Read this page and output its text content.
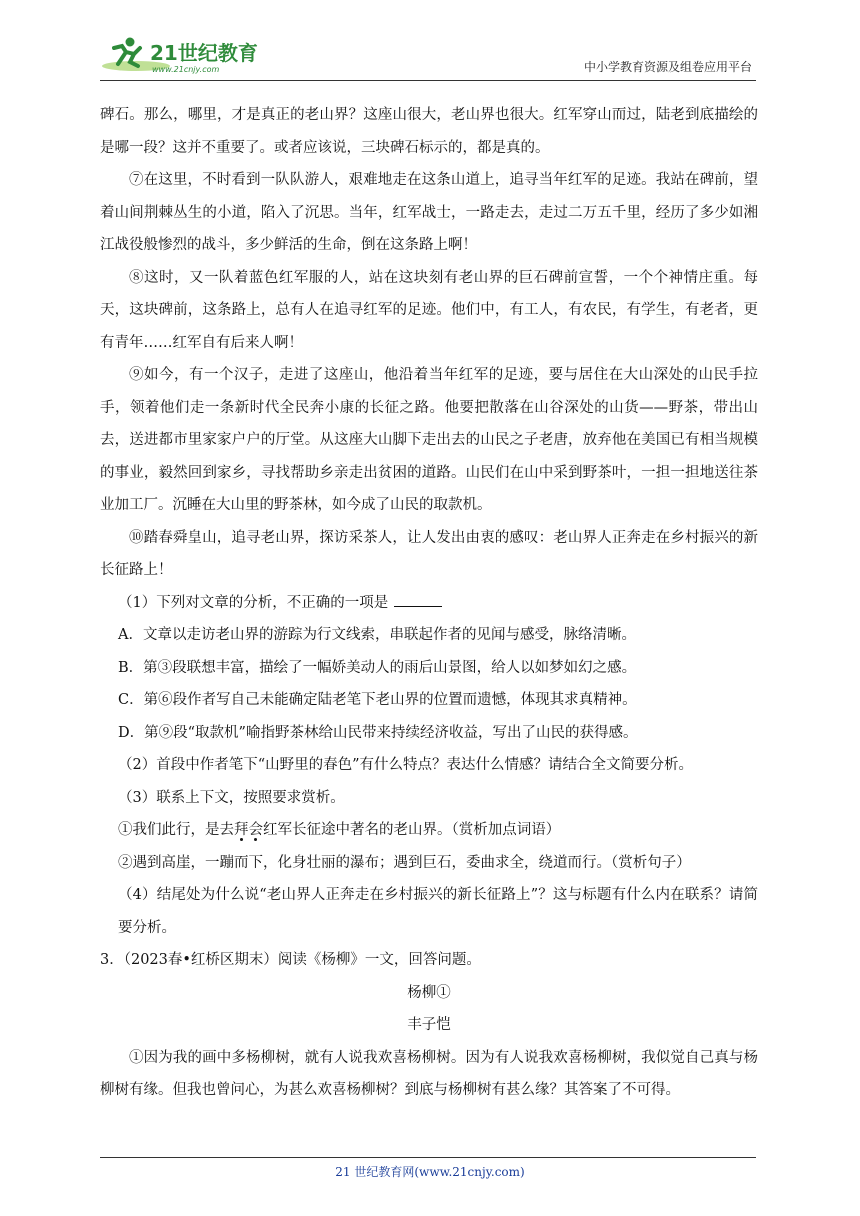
21世纪教育
www.21cnjy.com	中小学教育资源及组卷应用平台

碑石。那么，哪里，才是真正的老山界？这座山很大，老山界也很大。红军穿山而过，陆老到底描绘的是哪一段？这并不重要了。或者应该说，三块碑石标示的，都是真的。

⑦在这里，不时看到一队队游人，艰难地走在这条山道上，追寻当年红军的足迹。我站在碑前，望着山间荆棘丛生的小道，陷入了沉思。当年，红军战士，一路走去，走过二万五千里，经历了多少如湘江战役般惨烈的战斗，多少鲜活的生命，倒在这条路上啊！

⑧这时，又一队着蓝色红军服的人，站在这块刻有老山界的巨石碑前宣誓，一个个神情庄重。每天，这块碑前，这条路上，总有人在追寻红军的足迹。他们中，有工人，有农民，有学生，有老者，更有青年……红军自有后来人啊！

⑨如今，有一个汉子，走进了这座山，他沿着当年红军的足迹，要与居住在大山深处的山民手拉手，领着他们走一条新时代全民奔小康的长征之路。他要把散落在山谷深处的山货——野茶，带出山去，送进都市里家家户户的厅堂。从这座大山脚下走出去的山民之子老唐，放弃他在美国已有相当规模的事业，毅然回到家乡，寻找帮助乡亲走出贫困的道路。山民们在山中采到野茶叶，一担一担地送往茶业加工厂。沉睡在大山里的野茶林，如今成了山民的取款机。

⑩踏春舜皇山，追寻老山界，探访采茶人，让人发出由衷的感叹：老山界人正奔走在乡村振兴的新长征路上！

（1）下列对文章的分析，不正确的一项是

A．文章以走访老山界的游踪为行文线索，串联起作者的见闻与感受，脉络清晰。

B．第③段联想丰富，描绘了一幅娇美动人的雨后山景图，给人以如梦如幻之感。

C．第⑥段作者写自己未能确定陆老笔下老山界的位置而遗憾，体现其求真精神。

D．第⑨段“取款机”喻指野茶林给山民带来持续经济收益，写出了山民的获得感。

（2）首段中作者笔下“山野里的春色”有什么特点？表达什么情感？请结合全文简要分析。

（3）联系上下文，按照要求赏析。

①我们此行，是去拜会红军长征途中著名的老山界。（赏析加点词语）

②遇到高崖，一蹦而下，化身壮丽的瀑布；遇到巨石，委曲求全，绕道而行。（赏析句子）

（4）结尾处为什么说“老山界人正奔走在乡村振兴的新长征路上”？这与标题有什么内在联系？请简要分析。

3．（2023春•红桥区期末）阅读《杨柳》一文，回答问题。

杨柳①

丰子恺

①因为我的画中多杨柳树，就有人说我欢喜杨柳树。因为有人说我欢喜杨柳树，我似觉自己真与杨柳树有缘。但我也曾问心，为甚么欢喜杨柳树？到底与杨柳树有甚么缘？其答案了不可得。

21 世纪教育网(www.21cnjy.com)
